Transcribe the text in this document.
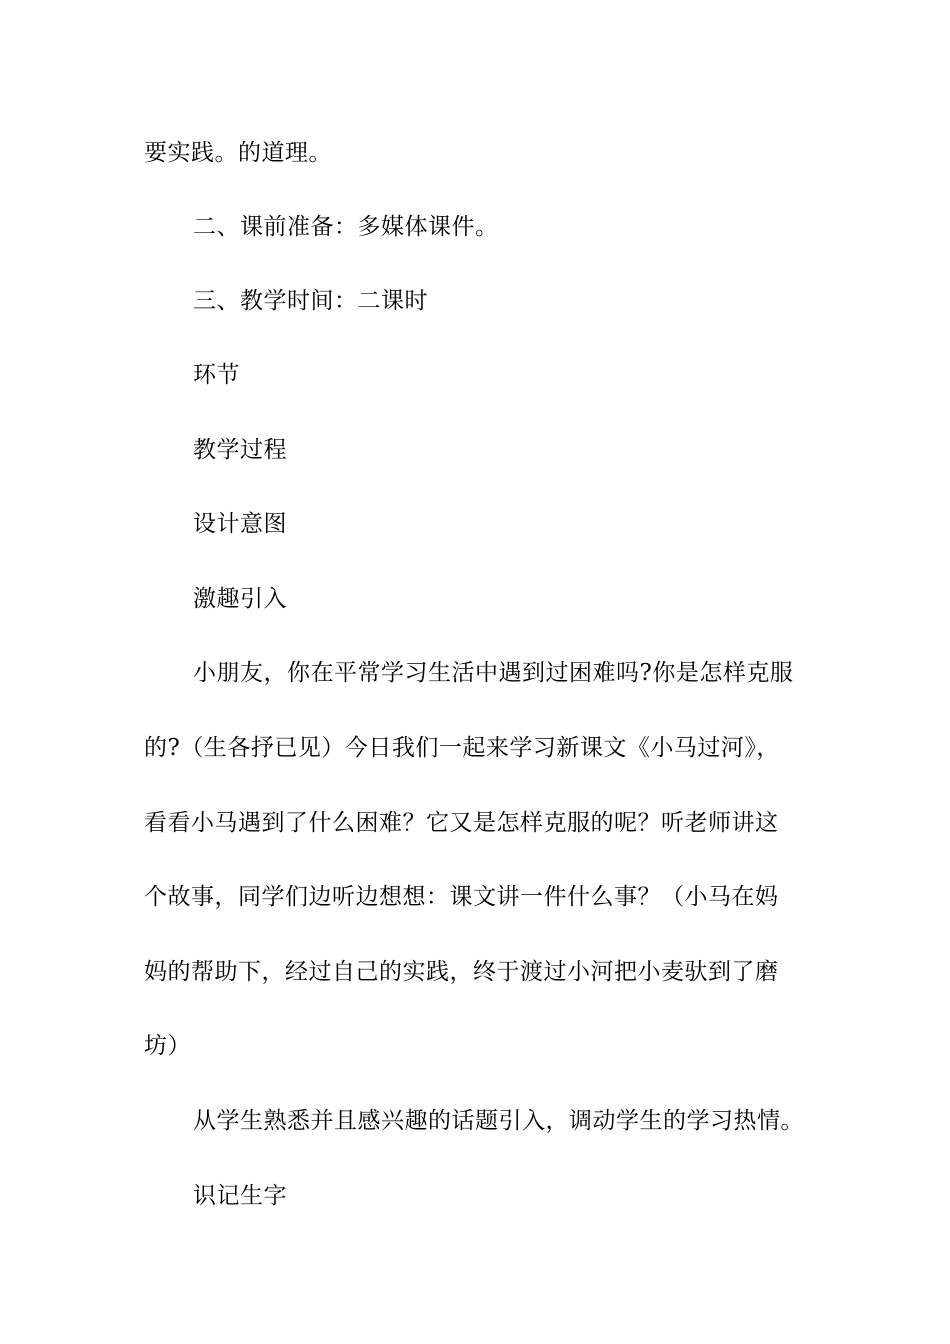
要实践。的道理。
二、课前准备：多媒体课件。
三、教学时间：二课时
环节
教学过程
设计意图
激趣引入
小朋友，你在平常学习生活中遇到过困难吗?你是怎样克服
的?（生各抒已见）今日我们一起来学习新课文《小马过河》，
看看小马遇到了什么困难？它又是怎样克服的呢？听老师讲这
个故事，同学们边听边想想：课文讲一件什么事？（小马在妈
妈的帮助下，经过自己的实践，终于渡过小河把小麦驮到了磨
坊）
从学生熟悉并且感兴趣的话题引入，调动学生的学习热情。
识记生字
